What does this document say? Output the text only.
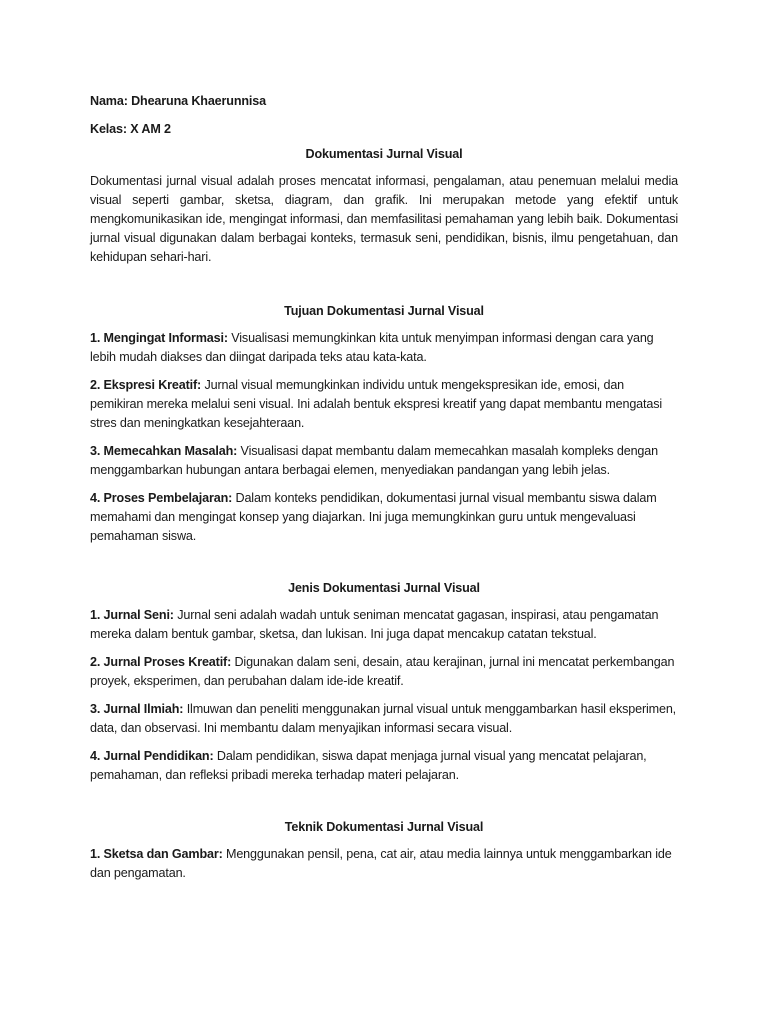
Nama: Dhearuna Khaerunnisa

Kelas: X AM 2

Dokumentasi Jurnal Visual

Dokumentasi jurnal visual adalah proses mencatat informasi, pengalaman, atau penemuan melalui media visual seperti gambar, sketsa, diagram, dan grafik. Ini merupakan metode yang efektif untuk mengkomunikasikan ide, mengingat informasi, dan memfasilitasi pemahaman yang lebih baik. Dokumentasi jurnal visual digunakan dalam berbagai konteks, termasuk seni, pendidikan, bisnis, ilmu pengetahuan, dan kehidupan sehari-hari.

Tujuan Dokumentasi Jurnal Visual

1. Mengingat Informasi: Visualisasi memungkinkan kita untuk menyimpan informasi dengan cara yang lebih mudah diakses dan diingat daripada teks atau kata-kata.

2. Ekspresi Kreatif: Jurnal visual memungkinkan individu untuk mengekspresikan ide, emosi, dan pemikiran mereka melalui seni visual. Ini adalah bentuk ekspresi kreatif yang dapat membantu mengatasi stres dan meningkatkan kesejahteraan.

3. Memecahkan Masalah: Visualisasi dapat membantu dalam memecahkan masalah kompleks dengan menggambarkan hubungan antara berbagai elemen, menyediakan pandangan yang lebih jelas.

4. Proses Pembelajaran: Dalam konteks pendidikan, dokumentasi jurnal visual membantu siswa dalam memahami dan mengingat konsep yang diajarkan. Ini juga memungkinkan guru untuk mengevaluasi pemahaman siswa.

Jenis Dokumentasi Jurnal Visual

1. Jurnal Seni: Jurnal seni adalah wadah untuk seniman mencatat gagasan, inspirasi, atau pengamatan mereka dalam bentuk gambar, sketsa, dan lukisan. Ini juga dapat mencakup catatan tekstual.

2. Jurnal Proses Kreatif: Digunakan dalam seni, desain, atau kerajinan, jurnal ini mencatat perkembangan proyek, eksperimen, dan perubahan dalam ide-ide kreatif.

3. Jurnal Ilmiah: Ilmuwan dan peneliti menggunakan jurnal visual untuk menggambarkan hasil eksperimen, data, dan observasi. Ini membantu dalam menyajikan informasi secara visual.

4. Jurnal Pendidikan: Dalam pendidikan, siswa dapat menjaga jurnal visual yang mencatat pelajaran, pemahaman, dan refleksi pribadi mereka terhadap materi pelajaran.

Teknik Dokumentasi Jurnal Visual

1. Sketsa dan Gambar: Menggunakan pensil, pena, cat air, atau media lainnya untuk menggambarkan ide dan pengamatan.
